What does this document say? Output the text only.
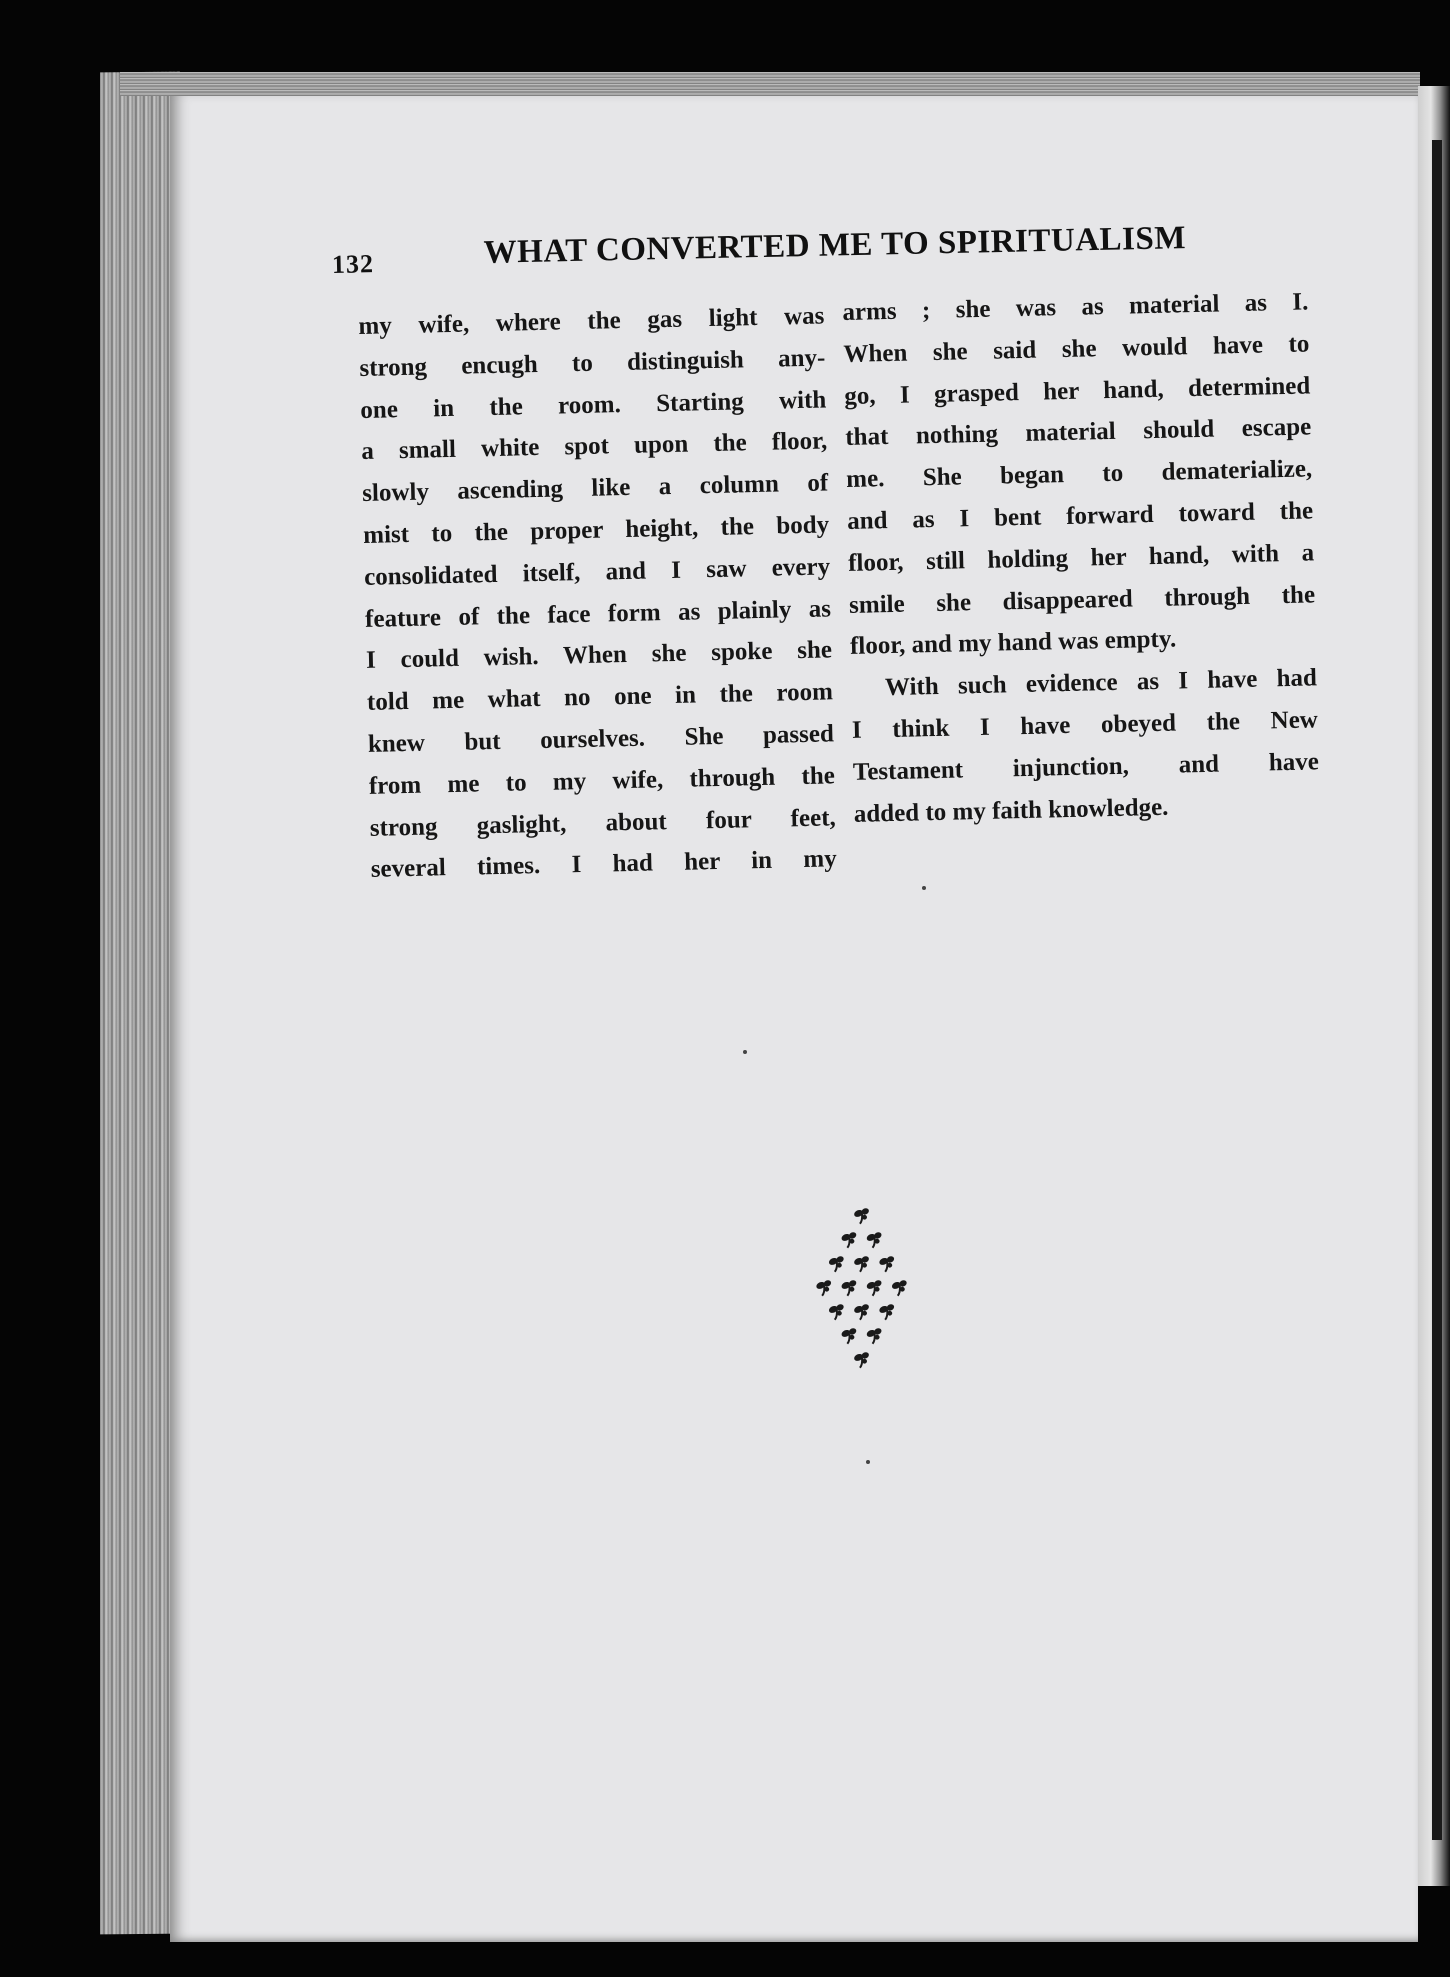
132	WHAT CONVERTED ME TO SPIRITUALISM
my wife, where the gas light was
strong encugh to distinguish any-
one in the room. Starting with
a small white spot upon the floor,
slowly ascending like a column of
mist to the proper height, the body
consolidated itself, and I saw every
feature of the face form as plainly as
I could wish. When she spoke she
told me what no one in the room
knew but ourselves. She passed
from me to my wife, through the
strong gaslight, about four feet,
several times. I had her in my
arms ; she was as material as I.
When she said she would have to
go, I grasped her hand, determined
that nothing material should escape
me. She began to dematerialize,
and as I bent forward toward the
floor, still holding her hand, with a
smile she disappeared through the
floor, and my hand was empty.
With such evidence as I have had
I think I have obeyed the New
Testament injunction, and have
added to my faith knowledge.
